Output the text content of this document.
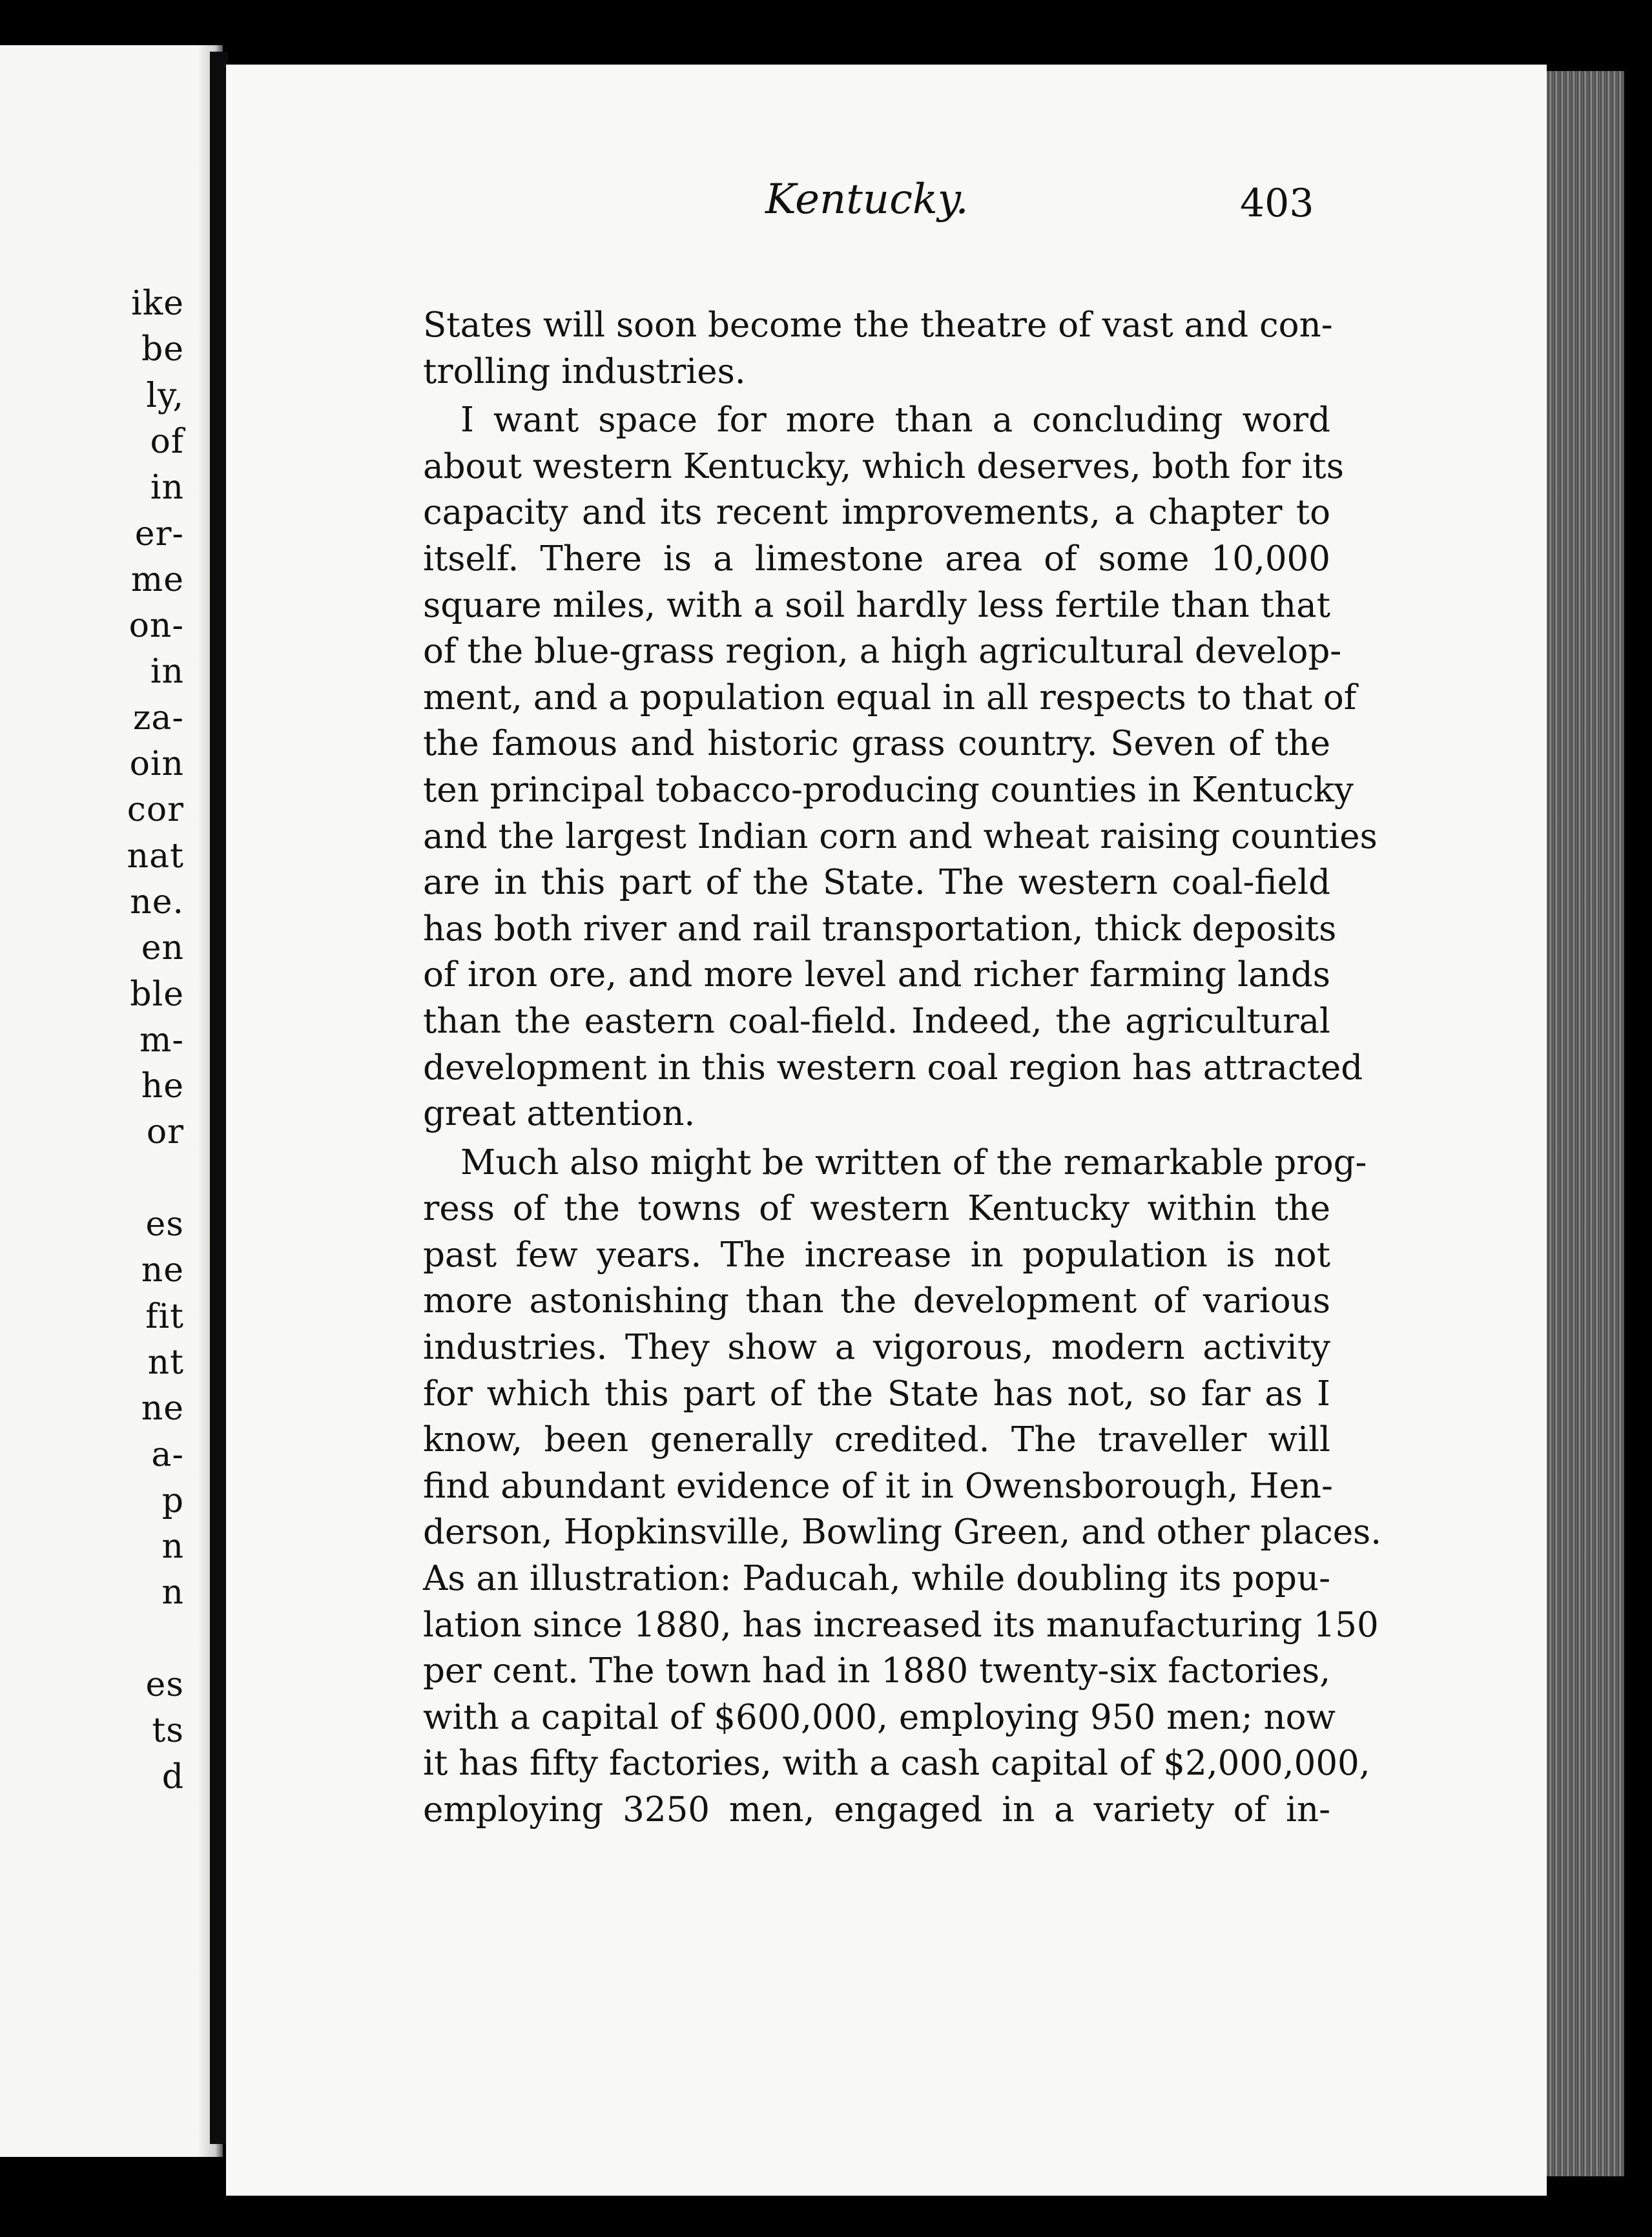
ike
be
ly,
of
in
er-
me
on-
in
za-
oin
cor
nat
ne.
en
ble
m-
he
or
es
ne
fit
nt
ne
a-
p
n
n
es
ts
d
Kentucky.	403
States will soon become the theatre of vast and con-
trolling industries.
I want space for more than a concluding word
about western Kentucky, which deserves, both for its
capacity and its recent improvements, a chapter to
itself. There is a limestone area of some 10,000
square miles, with a soil hardly less fertile than that
of the blue-grass region, a high agricultural develop-
ment, and a population equal in all respects to that of
the famous and historic grass country. Seven of the
ten principal tobacco-producing counties in Kentucky
and the largest Indian corn and wheat raising counties
are in this part of the State. The western coal-field
has both river and rail transportation, thick deposits
of iron ore, and more level and richer farming lands
than the eastern coal-field. Indeed, the agricultural
development in this western coal region has attracted
great attention.
Much also might be written of the remarkable prog-
ress of the towns of western Kentucky within the
past few years. The increase in population is not
more astonishing than the development of various
industries. They show a vigorous, modern activity
for which this part of the State has not, so far as I
know, been generally credited. The traveller will
find abundant evidence of it in Owensborough, Hen-
derson, Hopkinsville, Bowling Green, and other places.
As an illustration: Paducah, while doubling its popu-
lation since 1880, has increased its manufacturing 150
per cent. The town had in 1880 twenty-six factories,
with a capital of $600,000, employing 950 men; now
it has fifty factories, with a cash capital of $2,000,000,
employing 3250 men, engaged in a variety of in-
